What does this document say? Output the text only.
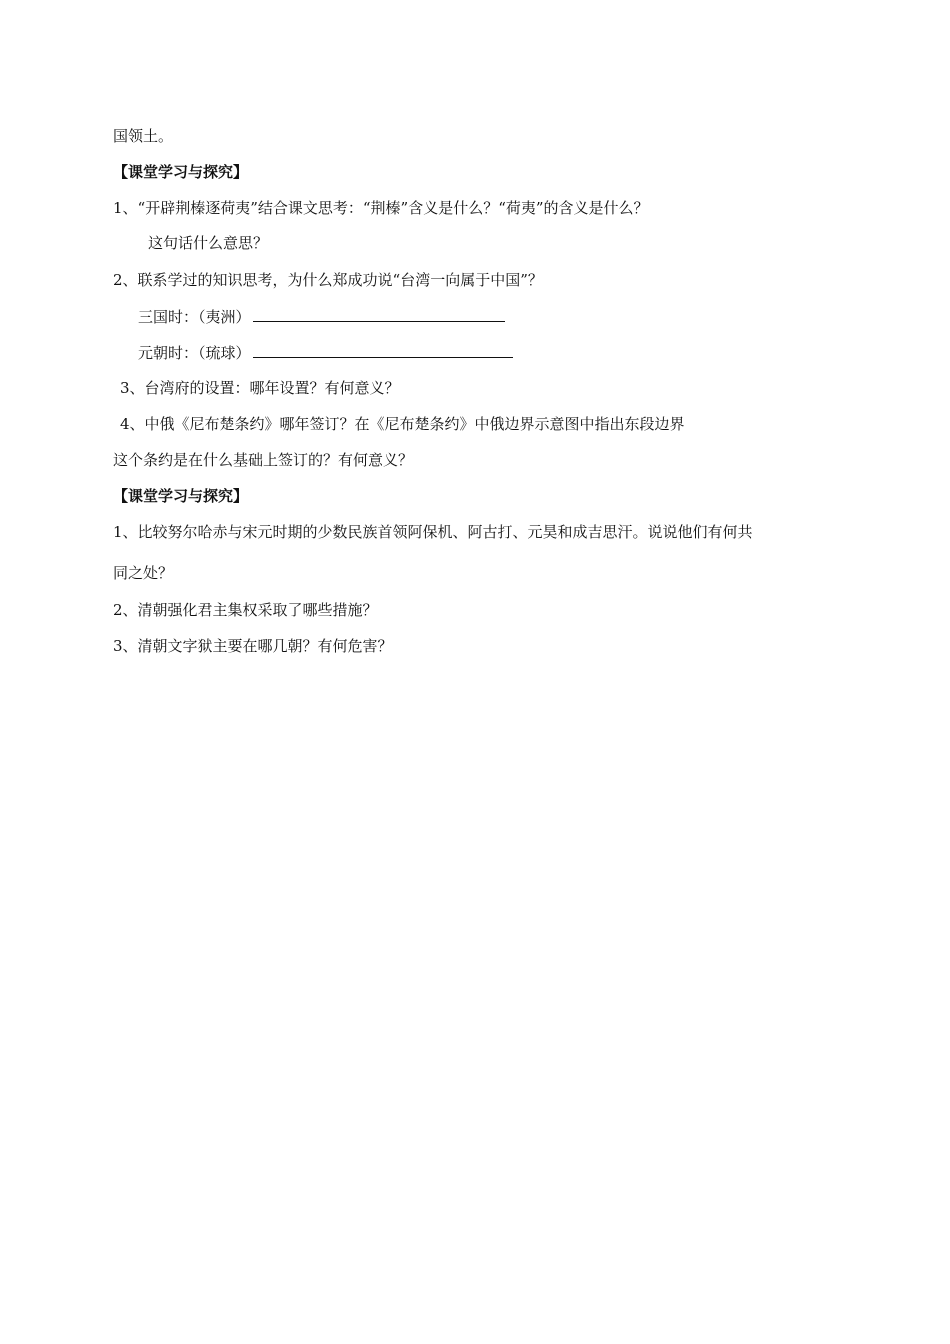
国领土。
【课堂学习与探究】
1、“开辟荆榛逐荷夷”结合课文思考：“荆榛”含义是什么？“荷夷”的含义是什么？
这句话什么意思？
2、联系学过的知识思考，为什么郑成功说“台湾一向属于中国”？
三国时：（夷洲）
元朝时：（琉球）
3、台湾府的设置：哪年设置？有何意义？
4、中俄《尼布楚条约》哪年签订？在《尼布楚条约》中俄边界示意图中指出东段边界
这个条约是在什么基础上签订的？有何意义？
【课堂学习与探究】
1、比较努尔哈赤与宋元时期的少数民族首领阿保机、阿古打、元昊和成吉思汗。说说他们有何共
同之处？
2、清朝强化君主集权采取了哪些措施？
3、清朝文字狱主要在哪几朝？有何危害？
